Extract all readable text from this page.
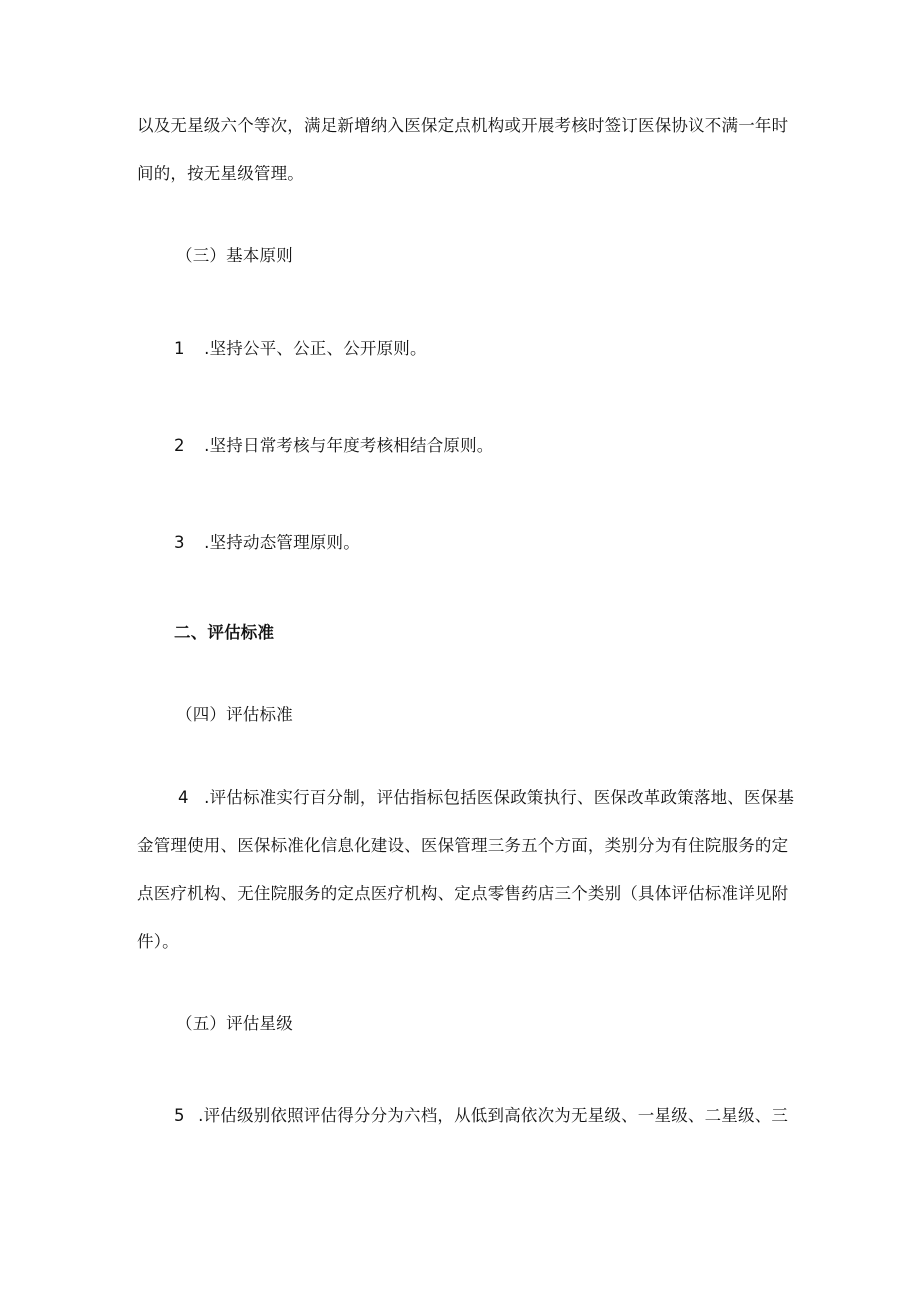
以及无星级六个等次，满足新增纳入医保定点机构或开展考核时签订医保协议不满一年时
间的，按无星级管理。
（三）基本原则
1 .坚持公平、公正、公开原则。
2 .坚持日常考核与年度考核相结合原则。
3 .坚持动态管理原则。
二、评估标准
（四）评估标准
4 .评估标准实行百分制，评估指标包括医保政策执行、医保改革政策落地、医保基
金管理使用、医保标准化信息化建设、医保管理三务五个方面，类别分为有住院服务的定
点医疗机构、无住院服务的定点医疗机构、定点零售药店三个类别（具体评估标准详见附
件）。
（五）评估星级
5 .评估级别依照评估得分分为六档，从低到高依次为无星级、一星级、二星级、三
